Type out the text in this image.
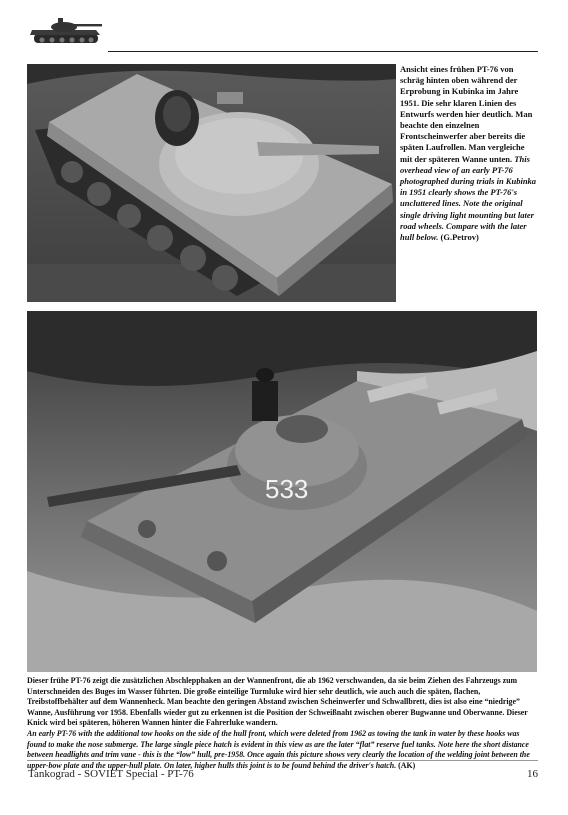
Ansicht eines frühen PT-76 von schräg hinten oben während der Erprobung in Kubinka im Jahre 1951. Die sehr klaren Linien des Entwurfs werden hier deutlich. Man beachte den einzelnen Frontscheinwerfer aber bereits die späten Laufrollen. Man vergleiche mit der späteren Wanne unten. This overhead view of an early PT-76 photographed during trials in Kubinka in 1951 clearly shows the PT-76's uncluttered lines. Note the original single driving light mounting but later road wheels. Compare with the later hull below. (G.Petrov)
533
Dieser frühe PT-76 zeigt die zusätzlichen Abschlepphaken an der Wannenfront, die ab 1962 verschwanden, da sie beim Ziehen des Fahrzeugs zum Unterschneiden des Buges im Wasser führten. Die große einteilige Turmluke wird hier sehr deutlich, wie auch auch die späten, flachen, Treibstoffbehälter auf dem Wannenheck. Man beachte den geringen Abstand zwischen Scheinwerfer und Schwallbrett, dies ist also eine “niedrige” Wanne, Ausführung vor 1958. Ebenfalls wieder gut zu erkennen ist die Position der Schweißnaht zwischen oberer Bugwanne und Oberwanne. Dieser Knick wird bei späteren, höheren Wannen hinter die Fahrerluke wandern.
An early PT-76 with the additional tow hooks on the side of the hull front, which were deleted from 1962 as towing the tank in water by these hooks was found to make the nose submerge. The large single piece hatch is evident in this view as are the later “flat” reserve fuel tanks. Note here the short distance between headlights and trim vane - this is the “low” hull, pre-1958. Once again this picture shows very clearly the location of the welding joint between the upper-bow plate and the upper-hull plate. On later, higher hulls this joint is to be found behind the driver's hatch. (AK)
Tankograd - SOVIET Special - PT-76	16
